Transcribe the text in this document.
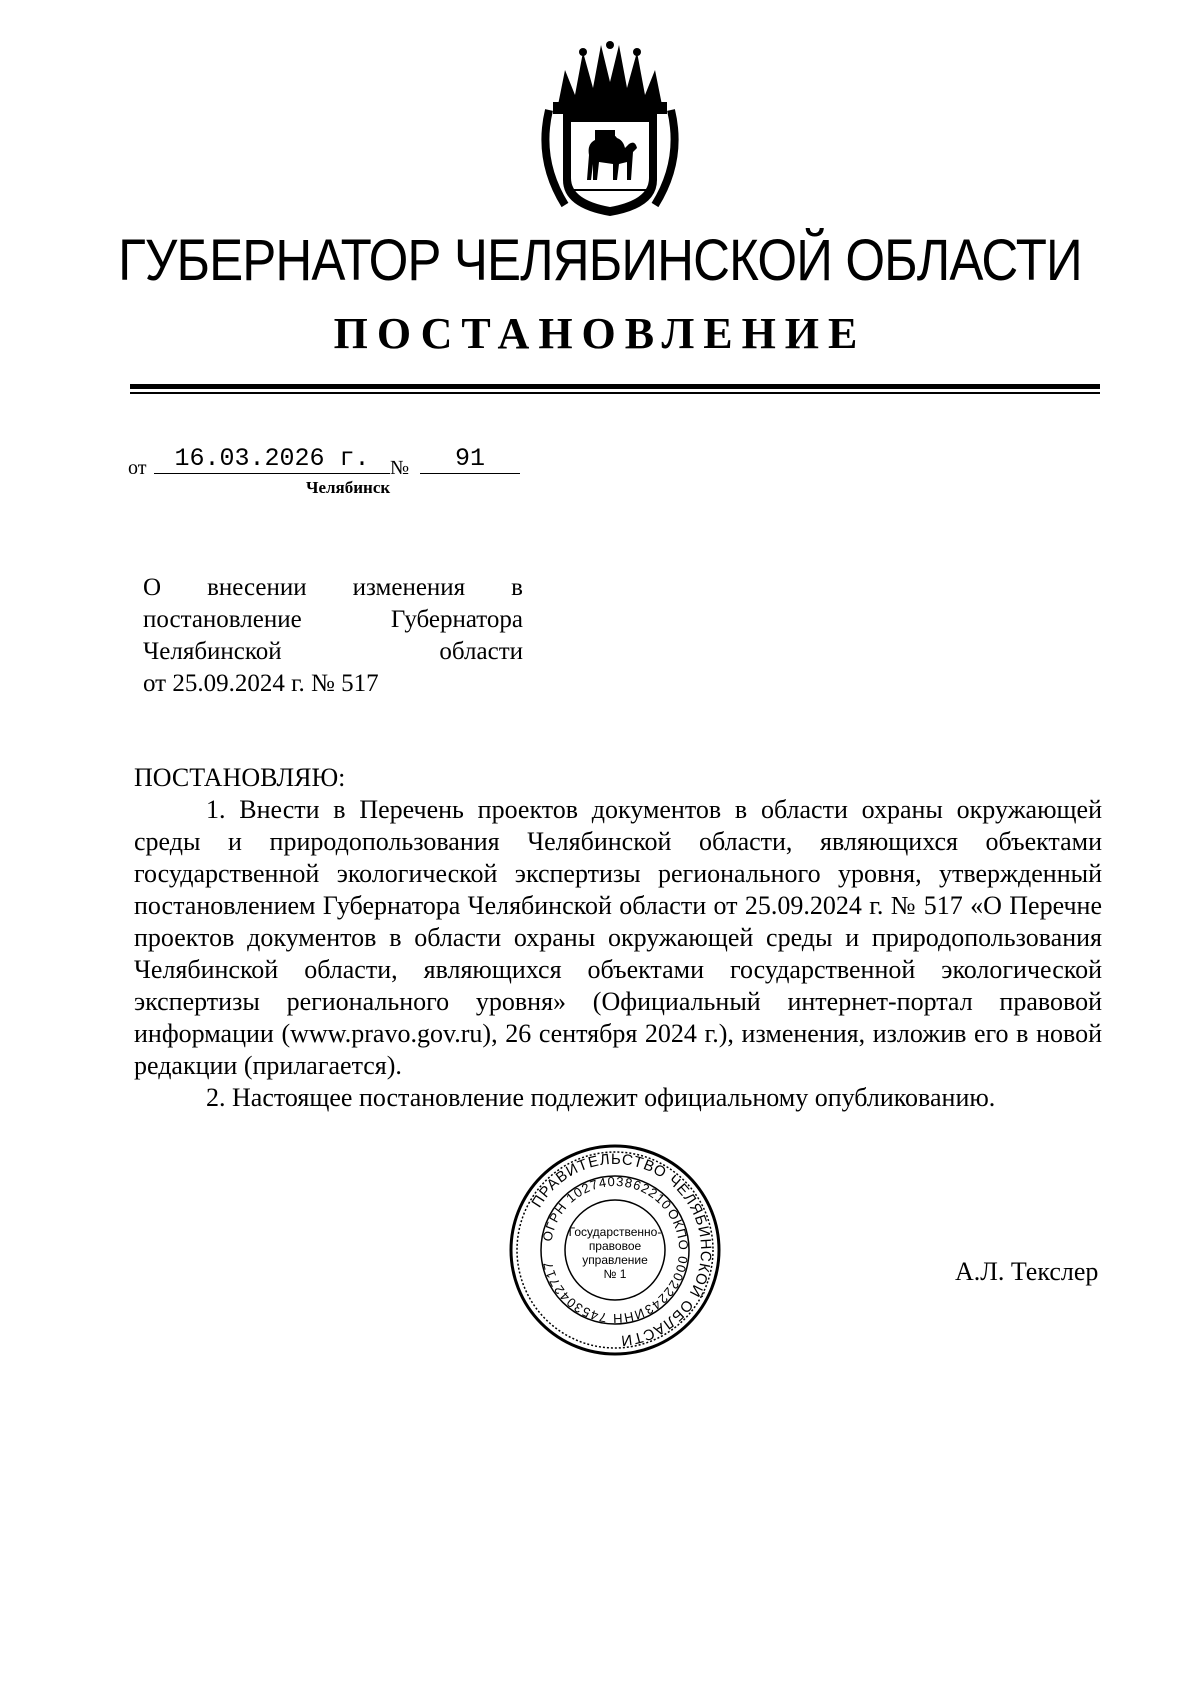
ГУБЕРНАТОР ЧЕЛЯБИНСКОЙ ОБЛАСТИ
ПОСТАНОВЛЕНИЕ
от	16.03.2026 г.	№	91
Челябинск
О внесении изменения в
постановление Губернатора
Челябинской области
от 25.09.2024 г. № 517
ПОСТАНОВЛЯЮ:

1. Внести в Перечень проектов документов в области охраны окружающей среды и природопользования Челябинской области, являющихся объектами государственной экологической экспертизы регионального уровня, утвержденный постановлением Губернатора Челябинской области от 25.09.2024 г. № 517 «О Перечне проектов документов в области охраны окружающей среды и природопользования Челябинской области, являющихся объектами государственной экологической экспертизы регионального уровня» (Официальный интернет-портал правовой информации (www.pravo.gov.ru), 26 сентября 2024 г.), изменения, изложив его в новой редакции (прилагается).

2. Настоящее постановление подлежит официальному опубликованию.

ПРАВИТЕЛЬСТВО ЧЕЛЯБИНСКОЙ ОБЛАСТИ
ОГРН 1027403862210
ОКПО 00022243
ИНН 7453042717
Государственно-
правовое
управление
№ 1	А.Л. Текслер
